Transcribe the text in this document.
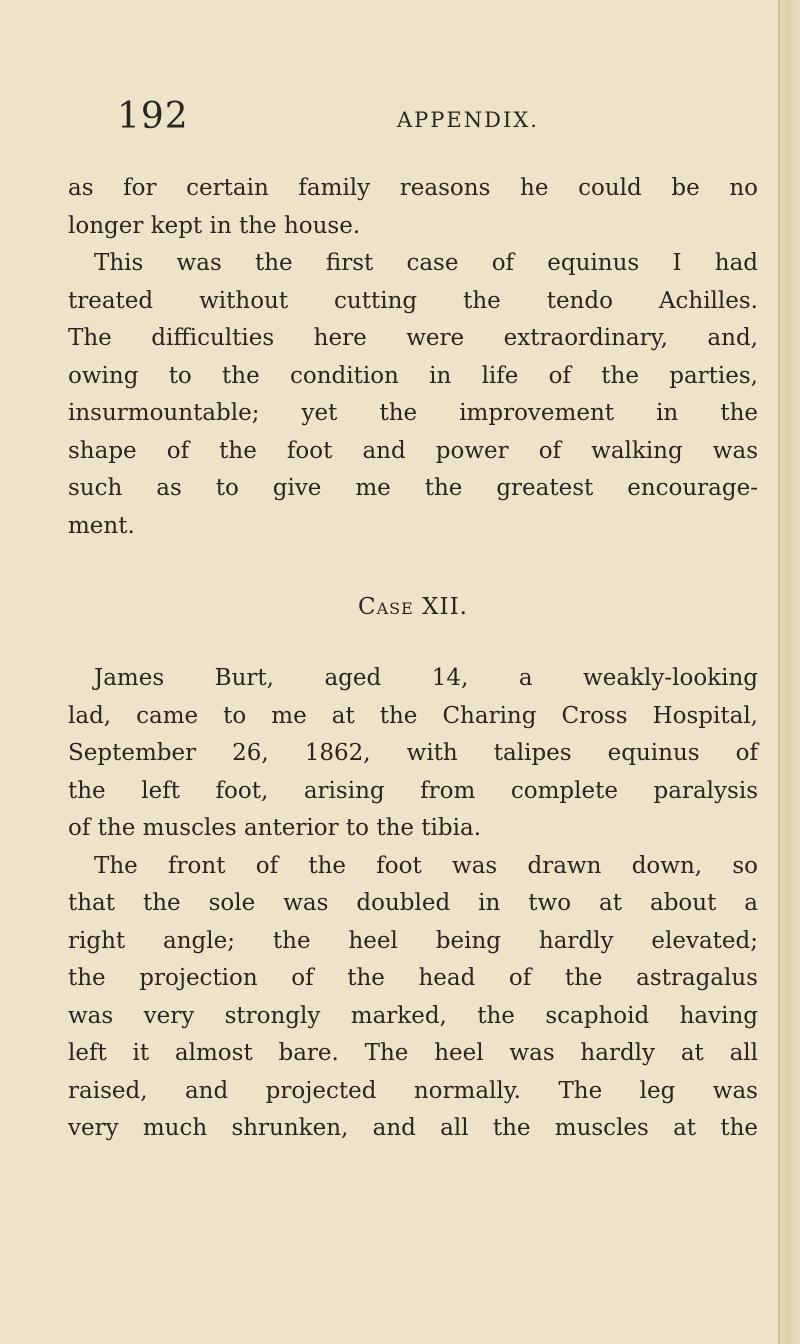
192	APPENDIX.
as for certain family reasons he could be no
longer kept in the house.
This was the first case of equinus I had
treated without cutting the tendo Achilles.
The difficulties here were extraordinary, and,
owing to the condition in life of the parties,
insurmountable; yet the improvement in the
shape of the foot and power of walking was
such as to give me the greatest encourage-
ment.
Case XII.
James Burt, aged 14, a weakly-looking
lad, came to me at the Charing Cross Hospital,
September 26, 1862, with talipes equinus of
the left foot, arising from complete paralysis
of the muscles anterior to the tibia.
The front of the foot was drawn down, so
that the sole was doubled in two at about a
right angle; the heel being hardly elevated;
the projection of the head of the astragalus
was very strongly marked, the scaphoid having
left it almost bare. The heel was hardly at all
raised, and projected normally. The leg was
very much shrunken, and all the muscles at the
